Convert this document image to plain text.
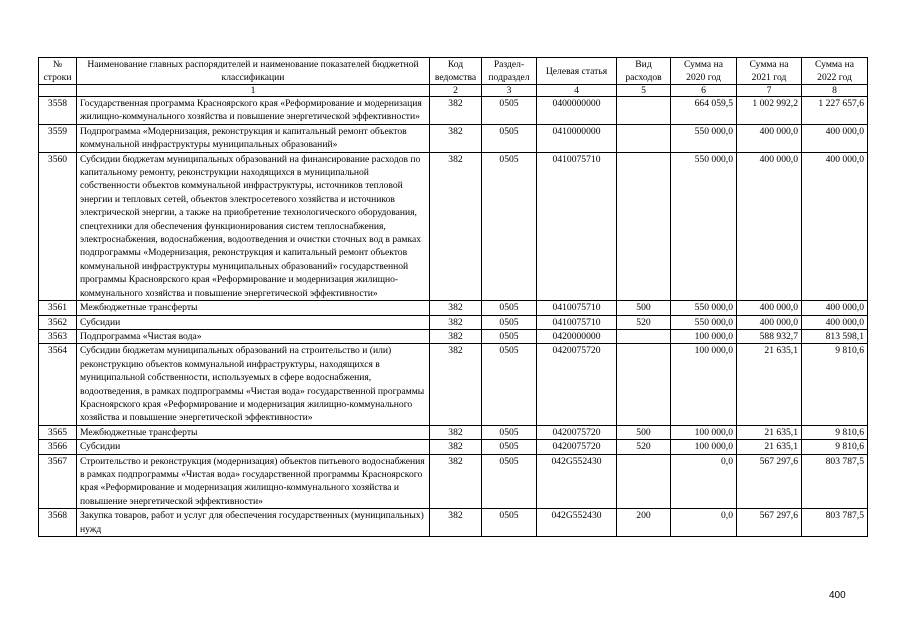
№ строки	Наименование главных распорядителей и наименование показателей бюджетной классификации	Код ведомства	Раздел-подраздел	Целевая статья	Вид расходов	Сумма на 2020 год	Сумма на 2021 год	Сумма на 2022 год
	1	2	3	4	5	6	7	8
3558	Государственная программа Красноярского края «Реформирование и модернизация жилищно-коммунального хозяйства и повышение энергетической эффективности»	382	0505	0400000000		664 059,5	1 002 992,2	1 227 657,6
3559	Подпрограмма «Модернизация, реконструкция и капитальный ремонт объектов коммунальной инфраструктуры муниципальных образований»	382	0505	0410000000		550 000,0	400 000,0	400 000,0
3560	Субсидии бюджетам муниципальных образований на финансирование расходов по капитальному ремонту, реконструкции находящихся в муниципальной собственности объектов коммунальной инфраструктуры, источников тепловой энергии и тепловых сетей, объектов электросетевого хозяйства и источников электрической энергии, а также на приобретение технологического оборудования, спецтехники для обеспечения функционирования систем теплоснабжения, электроснабжения, водоснабжения, водоотведения и очистки сточных вод в рамках подпрограммы «Модернизация, реконструкция и капитальный ремонт объектов коммунальной инфраструктуры муниципальных образований» государственной программы Красноярского края «Реформирование и модернизация жилищно-коммунального хозяйства и повышение энергетической эффективности»	382	0505	0410075710		550 000,0	400 000,0	400 000,0
3561	Межбюджетные трансферты	382	0505	0410075710	500	550 000,0	400 000,0	400 000,0
3562	Субсидии	382	0505	0410075710	520	550 000,0	400 000,0	400 000,0
3563	Подпрограмма «Чистая вода»	382	0505	0420000000		100 000,0	588 932,7	813 598,1
3564	Субсидии бюджетам муниципальных образований на строительство и (или) реконструкцию объектов коммунальной инфраструктуры, находящихся в муниципальной собственности, используемых в сфере водоснабжения, водоотведения, в рамках подпрограммы «Чистая вода» государственной программы Красноярского края «Реформирование и модернизация жилищно-коммунального хозяйства и повышение энергетической эффективности»	382	0505	0420075720		100 000,0	21 635,1	9 810,6
3565	Межбюджетные трансферты	382	0505	0420075720	500	100 000,0	21 635,1	9 810,6
3566	Субсидии	382	0505	0420075720	520	100 000,0	21 635,1	9 810,6
3567	Строительство и реконструкция (модернизация) объектов питьевого водоснабжения в рамках подпрограммы «Чистая вода» государственной программы Красноярского края «Реформирование и модернизация жилищно-коммунального хозяйства и повышение энергетической эффективности»	382	0505	042G552430		0,0	567 297,6	803 787,5
3568	Закупка товаров, работ и услуг для обеспечения государственных (муниципальных) нужд	382	0505	042G552430	200	0,0	567 297,6	803 787,5
400
